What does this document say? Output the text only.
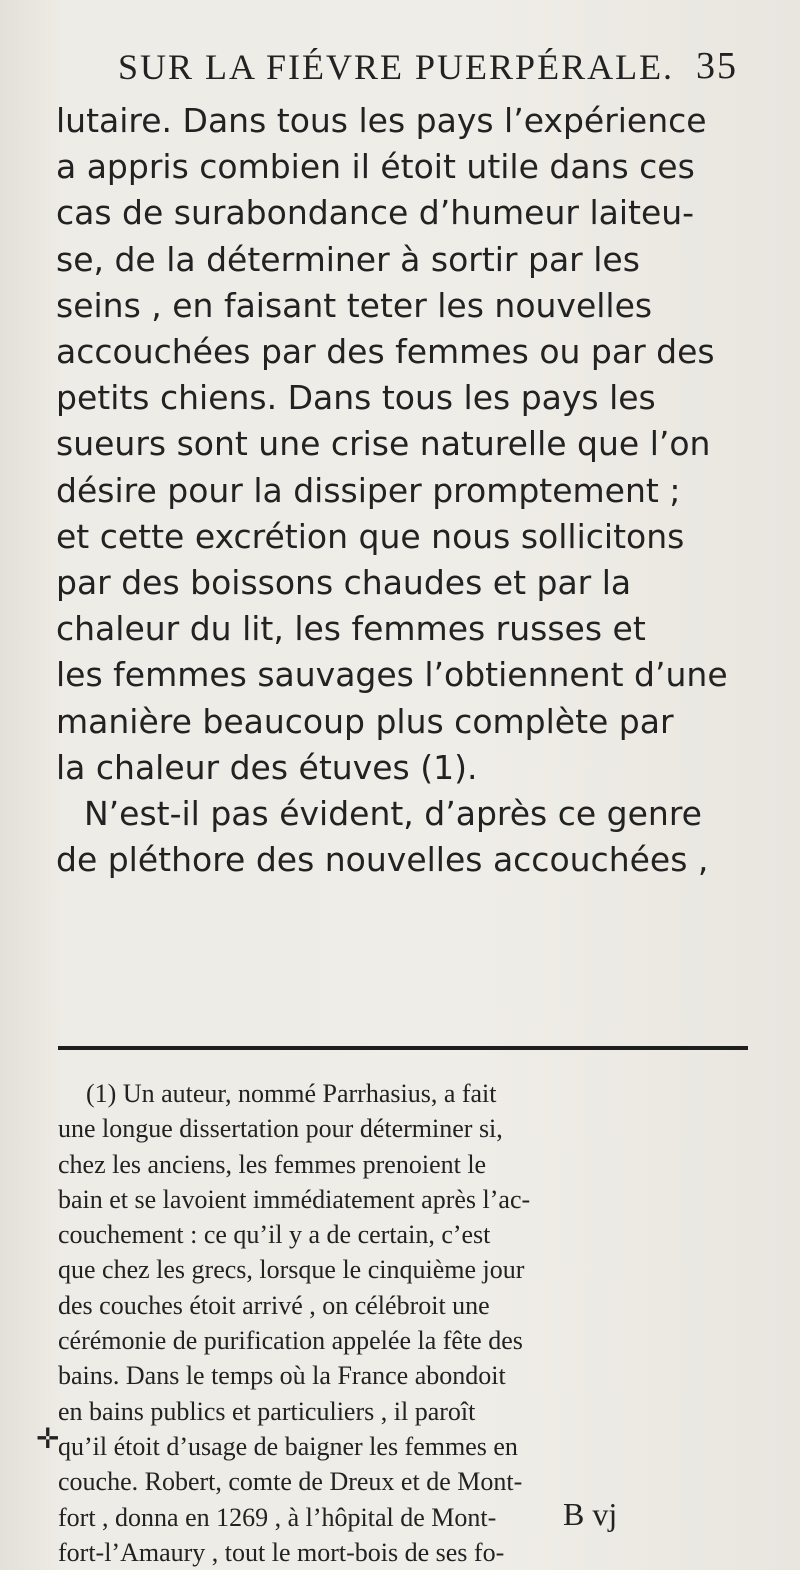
SUR LA FIÉVRE PUERPÉRALE. 35
lutaire. Dans tous les pays l’expérience
a appris combien il étoit utile dans ces
cas de surabondance d’humeur laiteu-
se, de la déterminer à sortir par les
seins , en faisant teter les nouvelles
accouchées par des femmes ou par des
petits chiens. Dans tous les pays les
sueurs sont une crise naturelle que l’on
désire pour la dissiper promptement ;
et cette excrétion que nous sollicitons
par des boissons chaudes et par la
chaleur du lit, les femmes russes et
les femmes sauvages l’obtiennent d’une
manière beaucoup plus complète par
la chaleur des étuves (1).
N’est-il pas évident, d’après ce genre
de pléthore des nouvelles accouchées ,
(1) Un auteur, nommé Parrhasius, a fait
une longue dissertation pour déterminer si,
chez les anciens, les femmes prenoient le
bain et se lavoient immédiatement après l’ac-
couchement : ce qu’il y a de certain, c’est
que chez les grecs, lorsque le cinquième jour
des couches étoit arrivé , on célébroit une
cérémonie de purification appelée la fête des
bains. Dans le temps où la France abondoit
en bains publics et particuliers , il paroît
qu’il étoit d’usage de baigner les femmes en
couche. Robert, comte de Dreux et de Mont-
fort , donna en 1269 , à l’hôpital de Mont-
fort-l’Amaury , tout le mort-bois de ses fo-
✛
B vj
